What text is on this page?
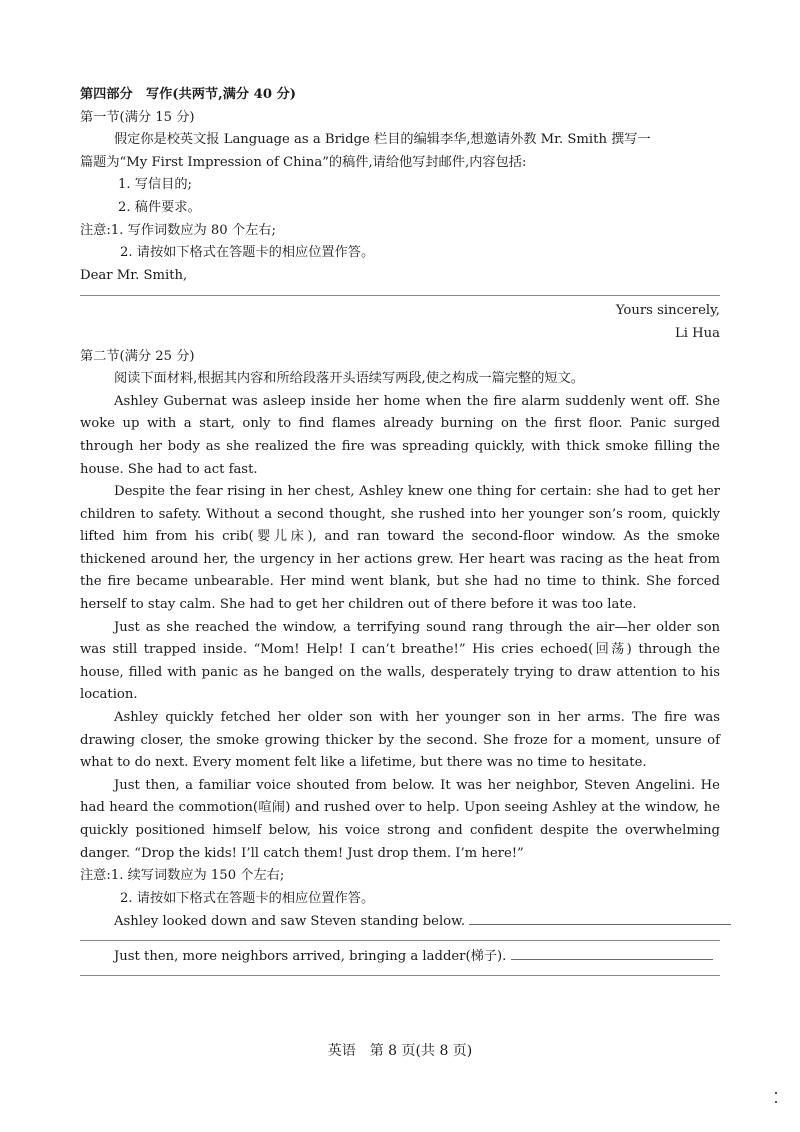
第四部分　写作(共两节,满分 40 分)
第一节(满分 15 分)
假定你是校英文报 Language as a Bridge 栏目的编辑李华,想邀请外教 Mr. Smith 撰写一
篇题为“My First Impression of China”的稿件,请给他写封邮件,内容包括:
1. 写信目的;
2. 稿件要求。
注意:1. 写作词数应为 80 个左右;
2. 请按如下格式在答题卡的相应位置作答。
Dear Mr. Smith,
Yours sincerely,
Li Hua
第二节(满分 25 分)
阅读下面材料,根据其内容和所给段落开头语续写两段,使之构成一篇完整的短文。

Ashley Gubernat was asleep inside her home when the fire alarm suddenly went off. She woke up with a start, only to find flames already burning on the first floor. Panic surged through her body as she realized the fire was spreading quickly, with thick smoke filling the house. She had to act fast.

Despite the fear rising in her chest, Ashley knew one thing for certain: she had to get her children to safety. Without a second thought, she rushed into her younger son’s room, quickly lifted him from his crib(婴儿床), and ran toward the second-floor window. As the smoke thickened around her, the urgency in her actions grew. Her heart was racing as the heat from the fire became unbearable. Her mind went blank, but she had no time to think. She forced herself to stay calm. She had to get her children out of there before it was too late.

Just as she reached the window, a terrifying sound rang through the air—her older son was still trapped inside. “Mom! Help! I can’t breathe!” His cries echoed(回荡) through the house, filled with panic as he banged on the walls, desperately trying to draw attention to his location.

Ashley quickly fetched her older son with her younger son in her arms. The fire was drawing closer, the smoke growing thicker by the second. She froze for a moment, unsure of what to do next. Every moment felt like a lifetime, but there was no time to hesitate.

Just then, a familiar voice shouted from below. It was her neighbor, Steven Angelini. He had heard the commotion(喧闹) and rushed over to help. Upon seeing Ashley at the window, he quickly positioned himself below, his voice strong and confident despite the overwhelming danger. “Drop the kids! I’ll catch them! Just drop them. I’m here!”

注意:1. 续写词数应为 150 个左右;
2. 请按如下格式在答题卡的相应位置作答。
Ashley looked down and saw Steven standing below.
Just then, more neighbors arrived, bringing a ladder(梯子).
英语　第 8 页(共 8 页)
